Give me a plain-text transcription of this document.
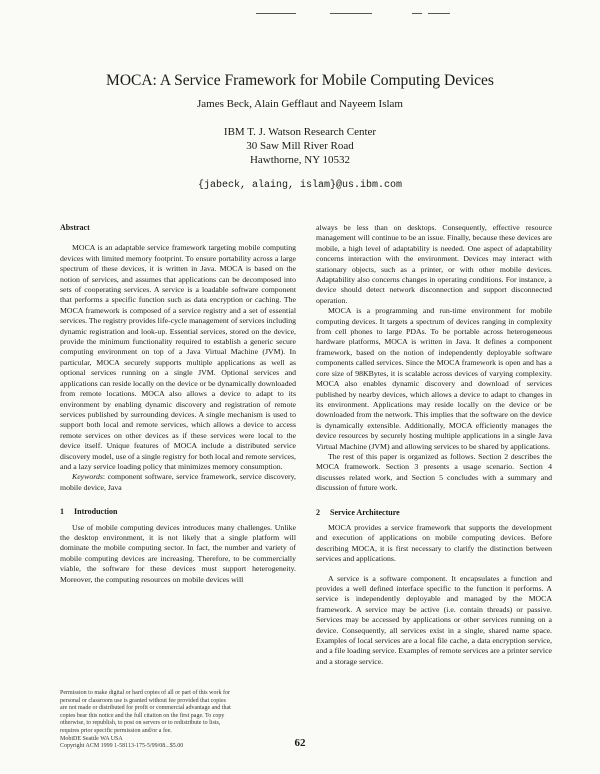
MOCA: A Service Framework for Mobile Computing Devices
James Beck, Alain Gefflaut and Nayeem Islam
IBM T. J. Watson Research Center
30 Saw Mill River Road
Hawthorne, NY 10532
{jabeck, alaing, islam}@us.ibm.com
Abstract

MOCA is an adaptable service framework targeting mobile computing devices with limited memory footprint. To ensure portability across a large spectrum of these devices, it is written in Java. MOCA is based on the notion of services, and assumes that applications can be decomposed into sets of cooperating services. A service is a loadable software component that performs a specific function such as data encryption or caching. The MOCA framework is composed of a service registry and a set of essential services. The registry provides life-cycle management of services including dynamic registration and look-up. Essential services, stored on the device, provide the minimum functionality required to establish a generic secure computing environment on top of a Java Virtual Machine (JVM). In particular, MOCA securely supports multiple applications as well as optional services running on a single JVM. Optional services and applications can reside locally on the device or be dynamically downloaded from remote locations. MOCA also allows a device to adapt to its environment by enabling dynamic discovery and registration of remote services published by surrounding devices. A single mechanism is used to support both local and remote services, which allows a device to access remote services on other devices as if these services were local to the device itself. Unique features of MOCA include a distributed service discovery model, use of a single registry for both local and remote services, and a lazy service loading policy that minimizes memory consumption.

Keywords: component software, service framework, service discovery, mobile device, Java

1 Introduction

Use of mobile computing devices introduces many challenges. Unlike the desktop environment, it is not likely that a single platform will dominate the mobile computing sector. In fact, the number and variety of mobile computing devices are increasing. Therefore, to be commercially viable, the software for these devices must support heterogeneity. Moreover, the computing resources on mobile devices will

Permission to make digital or hard copies of all or part of this work for

personal or classroom use is granted without fee provided that copies

are not made or distributed for profit or commercial advantage and that

copies bear this notice and the full citation on the first page. To copy

otherwise, to republish, to post on servers or to redistribute to lists,

requires prior specific permission and/or a fee.

MobiDE Seattle WA USA

Copyright ACM 1999 1-58113-175-5/99/08...$5.00

always be less than on desktops. Consequently, effective resource management will continue to be an issue. Finally, because these devices are mobile, a high level of adaptability is needed. One aspect of adaptability concerns interaction with the environment. Devices may interact with stationary objects, such as a printer, or with other mobile devices. Adaptability also concerns changes in operating conditions. For instance, a device should detect network disconnection and support disconnected operation.

MOCA is a programming and run-time environment for mobile computing devices. It targets a spectrum of devices ranging in complexity from cell phones to large PDAs. To be portable across heterogeneous hardware platforms, MOCA is written in Java. It defines a component framework, based on the notion of independently deployable software components called services. Since the MOCA framework is open and has a core size of 98KBytes, it is scalable across devices of varying complexity. MOCA also enables dynamic discovery and download of services published by nearby devices, which allows a device to adapt to changes in its environment. Applications may reside locally on the device or be downloaded from the network. This implies that the software on the device is dynamically extensible. Additionally, MOCA efficiently manages the device resources by securely hosting multiple applications in a single Java Virtual Machine (JVM) and allowing services to be shared by applications.

The rest of this paper is organized as follows. Section 2 describes the MOCA framework. Section 3 presents a usage scenario. Section 4 discusses related work, and Section 5 concludes with a summary and discussion of future work.

2 Service Architecture

MOCA provides a service framework that supports the development and execution of applications on mobile computing devices. Before describing MOCA, it is first necessary to clarify the distinction between services and applications.

A service is a software component. It encapsulates a function and provides a well defined interface specific to the function it performs. A service is independently deployable and managed by the MOCA framework. A service may be active (i.e. contain threads) or passive. Services may be accessed by applications or other services running on a device. Consequently, all services exist in a single, shared name space. Examples of local services are a local file cache, a data encryption service, and a file loading service. Examples of remote services are a printer service and a storage service.

62
